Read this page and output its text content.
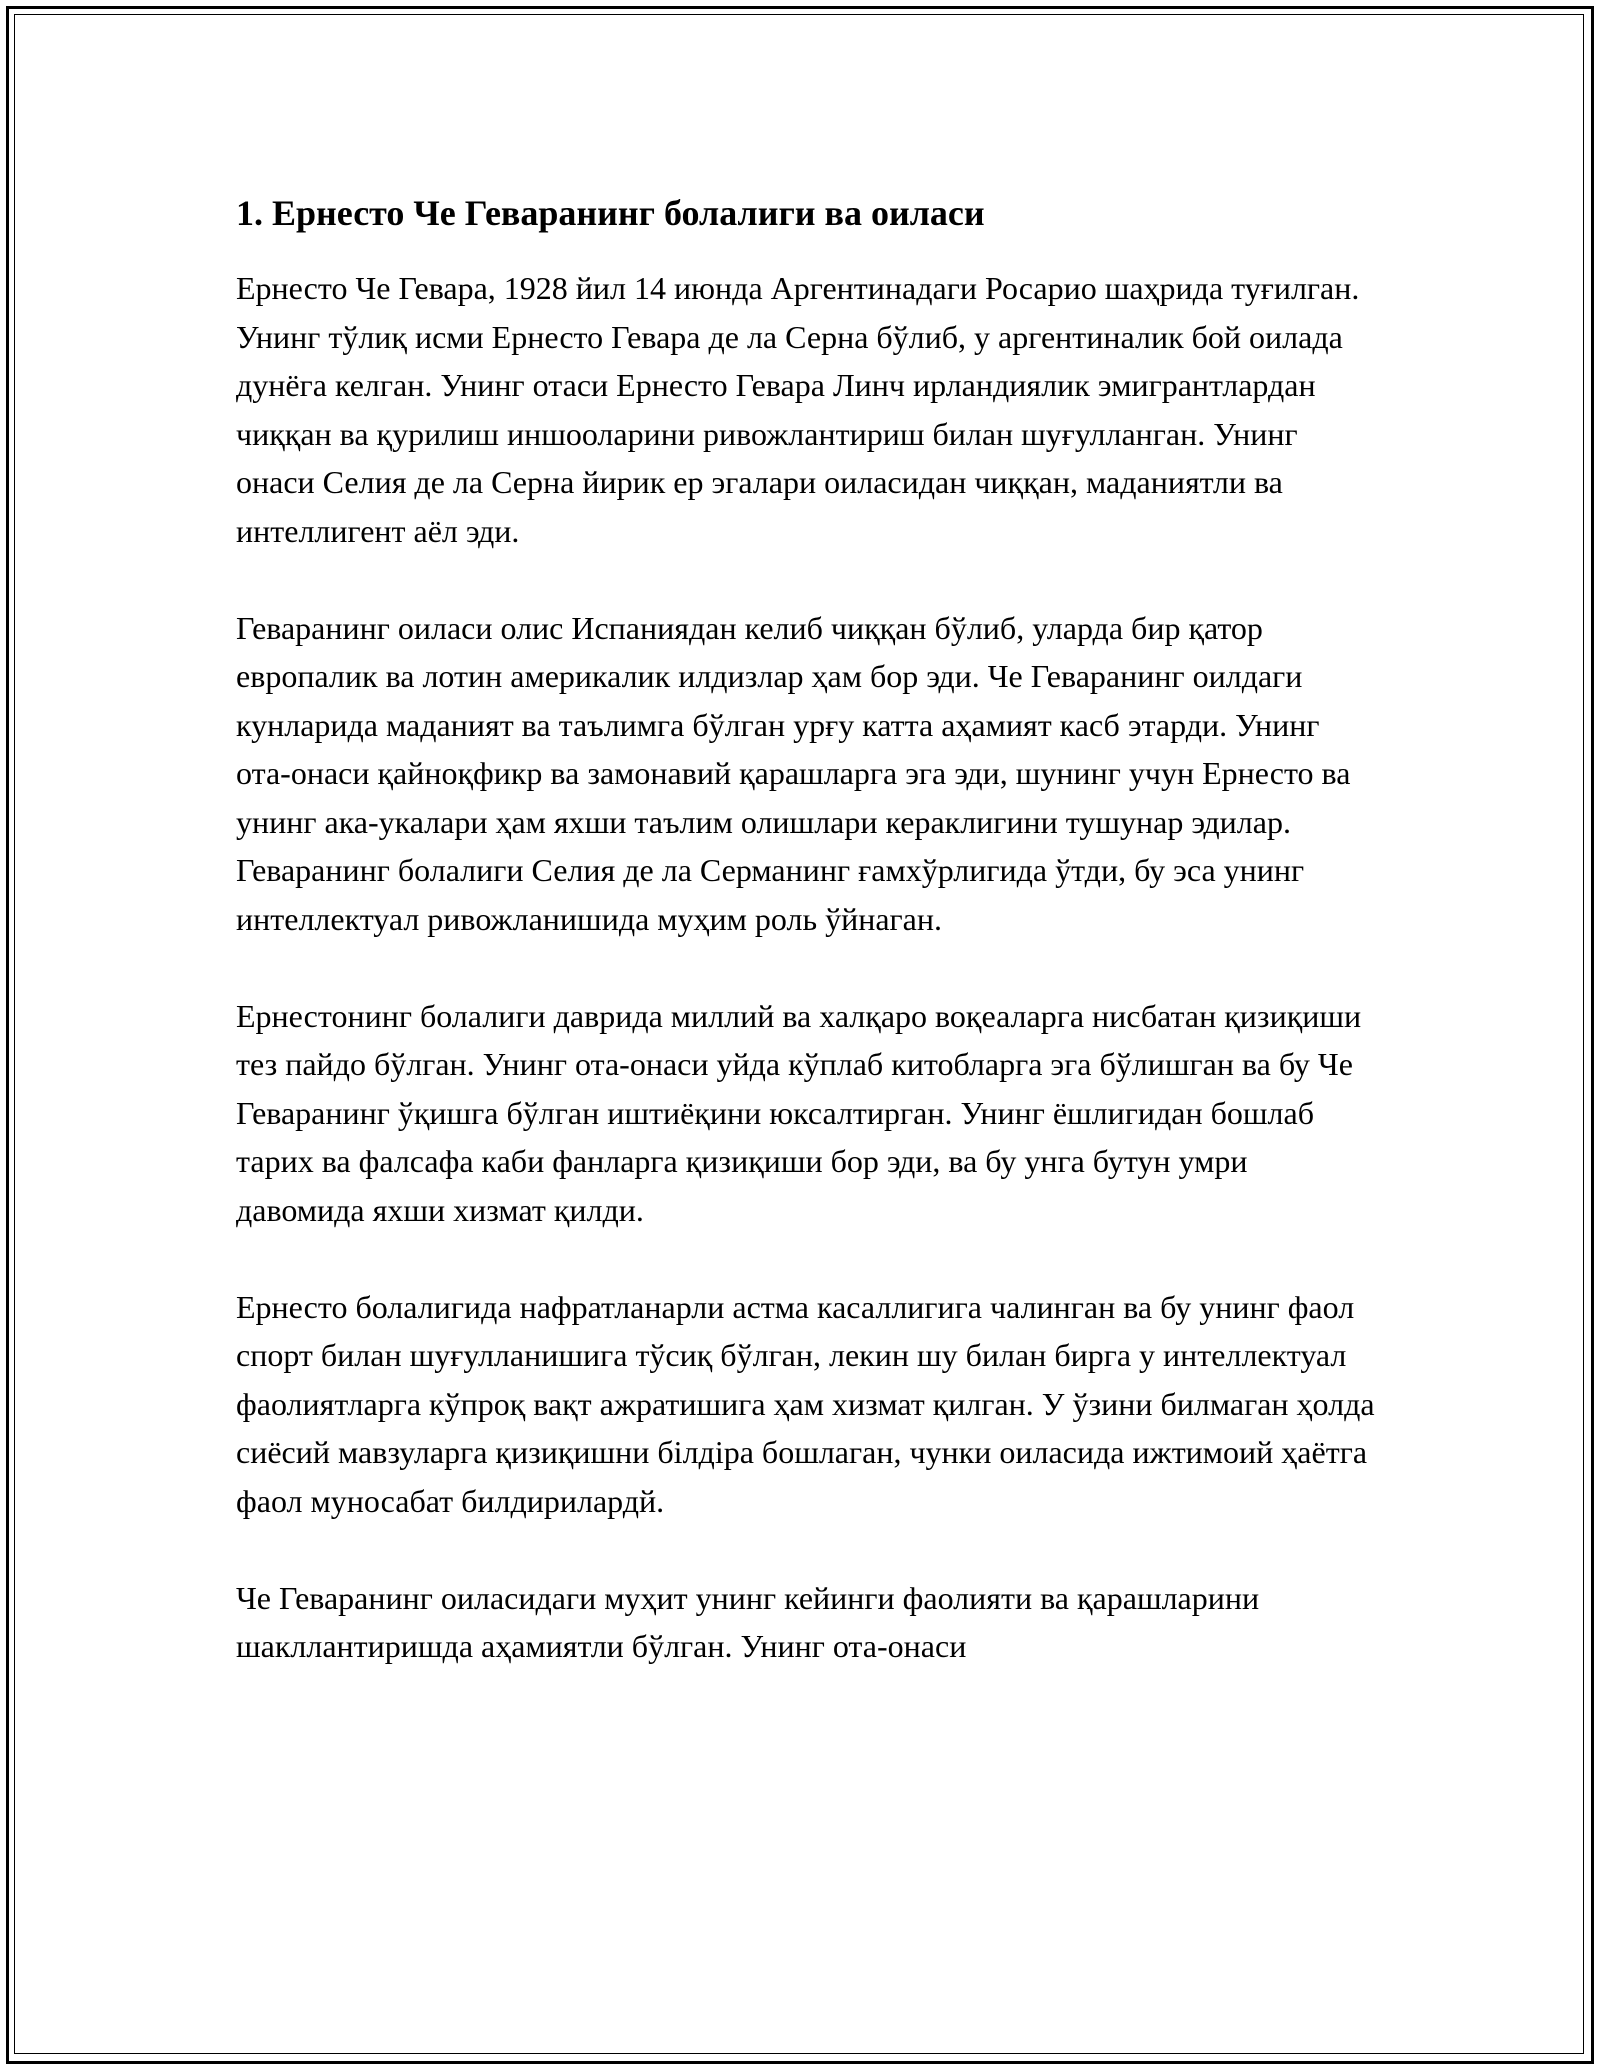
1. Ернесто Че Геваранинг болалиги ва оиласи

Ернесто Че Гевара, 1928 йил 14 июнда Аргентинадаги Росарио шаҳрида туғилган. Унинг тўлиқ исми Ернесто Гевара де ла Серна бўлиб, у аргентиналик бой оилада дунёга келган. Унинг отаси Ернесто Гевара Линч ирландиялик эмигрантлардан чиққан ва қурилиш иншооларини ривожлантириш билан шуғулланган. Унинг онаси Селия де ла Серна йирик ер эгалари оиласидан чиққан, маданиятли ва интеллигент аёл эди.

Геваранинг оиласи олис Испаниядан келиб чиққан бўлиб, уларда бир қатор европалик ва лотин америкалик илдизлар ҳам бор эди. Че Геваранинг оилдаги кунларида маданият ва таълимга бўлган урғу катта аҳамият касб этарди. Унинг ота-онаси қайноқфикр ва замонавий қарашларга эга эди, шунинг учун Ернесто ва унинг ака-укалари ҳам яхши таълим олишлари кераклигини тушунар эдилар. Геваранинг болалиги Селия де ла Серманинг ғамхўрлигида ўтди, бу эса унинг интеллектуал ривожланишида муҳим роль ўйнаган.

Ернестонинг болалиги даврида миллий ва халқаро воқеаларга нисбатан қизиқиши тез пайдо бўлган. Унинг ота-онаси уйда кўплаб китобларга эга бўлишган ва бу Че Геваранинг ўқишга бўлган иштиёқини юксалтирган. Унинг ёшлигидан бошлаб тарих ва фалсафа каби фанларга қизиқиши бор эди, ва бу унга бутун умри давомида яхши хизмат қилди.

Ернесто болалигида нафратланарли астма касаллигига чалинган ва бу унинг фаол спорт билан шуғулланишига тўсиқ бўлган, лекин шу билан бирга у интеллектуал фаолиятларга кўпроқ вақт ажратишига ҳам хизмат қилган. У ўзини билмаган ҳолда сиёсий мавзуларга қизиқишни бiлдiра бошлаган, чунки оиласида ижтимоий ҳаётга фаол муносабат билдирилардй.

Че Геваранинг оиласидаги муҳит унинг кейинги фаолияти ва қарашларини шакллантиришда аҳамиятли бўлган. Унинг ота-онаси
